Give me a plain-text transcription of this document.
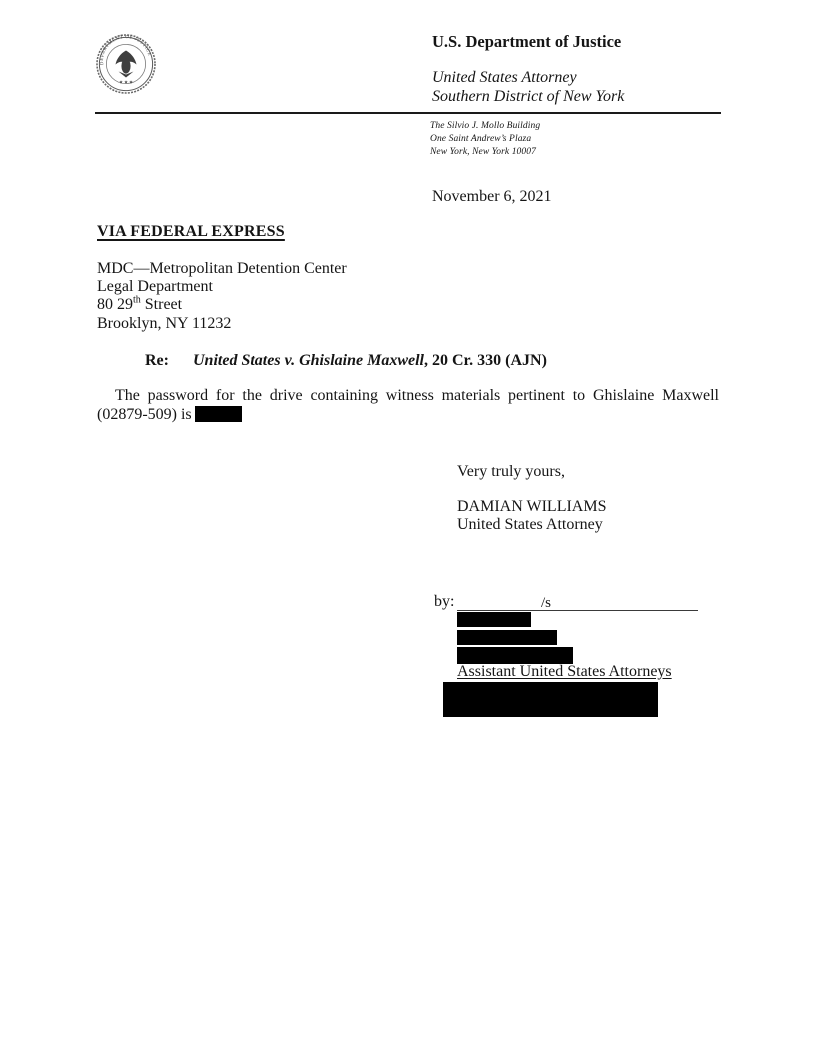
DEPARTMENT OF JUSTICE
★ ★ ★
U.S. Department of Justice
United States Attorney
Southern District of New York
The Silvio J. Mollo Building
One Saint Andrew’s Plaza
New York, New York 10007
November 6, 2021
VIA FEDERAL EXPRESS
MDC—Metropolitan Detention Center
Legal Department
80 29th Street
Brooklyn, NY 11232
Re: United States v. Ghislaine Maxwell, 20 Cr. 330 (AJN)
The password for the drive containing witness materials pertinent to Ghislaine Maxwell
(02879-509) is
Very truly yours,
DAMIAN WILLIAMS
United States Attorney
by:	/s
Assistant United States Attorneys
